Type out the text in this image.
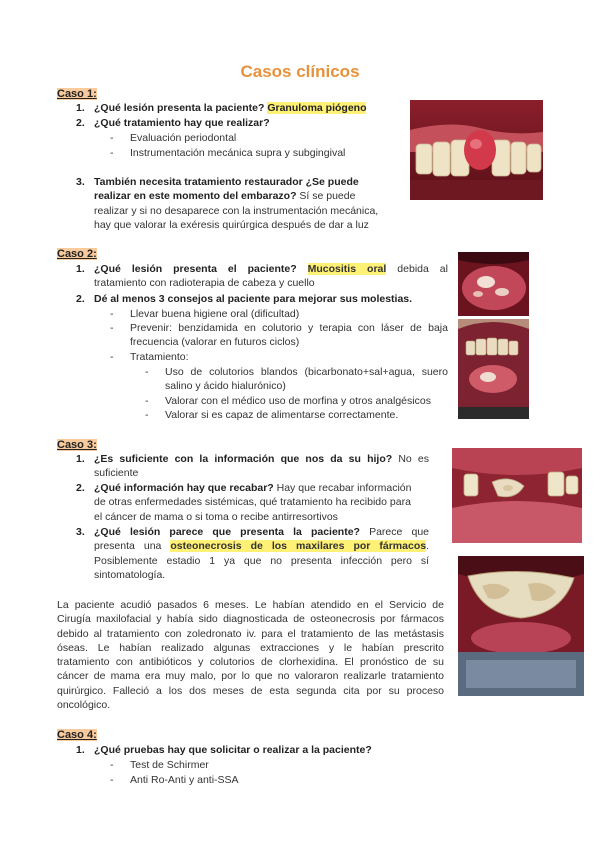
Casos clínicos
Caso 1:
1. ¿Qué lesión presenta la paciente? Granuloma piógeno
2. ¿Qué tratamiento hay que realizar?
- Evaluación periodontal
- Instrumentación mecánica supra y subgingival
3. También necesita tratamiento restaurador ¿Se puede
realizar en este momento del embarazo? Sí se puede
realizar y si no desaparece con la instrumentación mecánica,
hay que valorar la exéresis quirúrgica después de dar a luz
Caso 2:
1. ¿Qué lesión presenta el paciente? Mucositis oral debida al
tratamiento con radioterapia de cabeza y cuello
2. Dé al menos 3 consejos al paciente para mejorar sus molestias.
- Llevar buena higiene oral (dificultad)
- Prevenir: benzidamida en colutorio y terapia con láser de baja
frecuencia (valorar en futuros ciclos)
- Tratamiento:
- Uso de colutorios blandos (bicarbonato+sal+agua, suero
salino y ácido hialurónico)
- Valorar con el médico uso de morfina y otros analgésicos
- Valorar si es capaz de alimentarse correctamente.
Caso 3:
1. ¿Es suficiente con la información que nos da su hijo? No es
suficiente
2. ¿Qué información hay que recabar? Hay que recabar información
de otras enfermedades sistémicas, qué tratamiento ha recibido para
el cáncer de mama o si toma o recibe antirresortivos
3. ¿Qué lesión parece que presenta la paciente? Parece que
presenta una osteonecrosis de los maxilares por fármacos.
Posiblemente estadio 1 ya que no presenta infección pero sí
sintomatología.
La paciente acudió pasados 6 meses. Le habían atendido en el Servicio de
Cirugía maxilofacial y había sido diagnosticada de osteonecrosis por fármacos
debido al tratamiento con zoledronato iv. para el tratamiento de las metástasis
óseas. Le habían realizado algunas extracciones y le habían prescrito
tratamiento con antibióticos y colutorios de clorhexidina. El pronóstico de su
cáncer de mama era muy malo, por lo que no valoraron realizarle tratamiento
quirúrgico. Falleció a los dos meses de esta segunda cita por su proceso
oncológico.
Caso 4:
1. ¿Qué pruebas hay que solicitar o realizar a la paciente?
- Test de Schirmer
- Anti Ro-Anti y anti-SSA
